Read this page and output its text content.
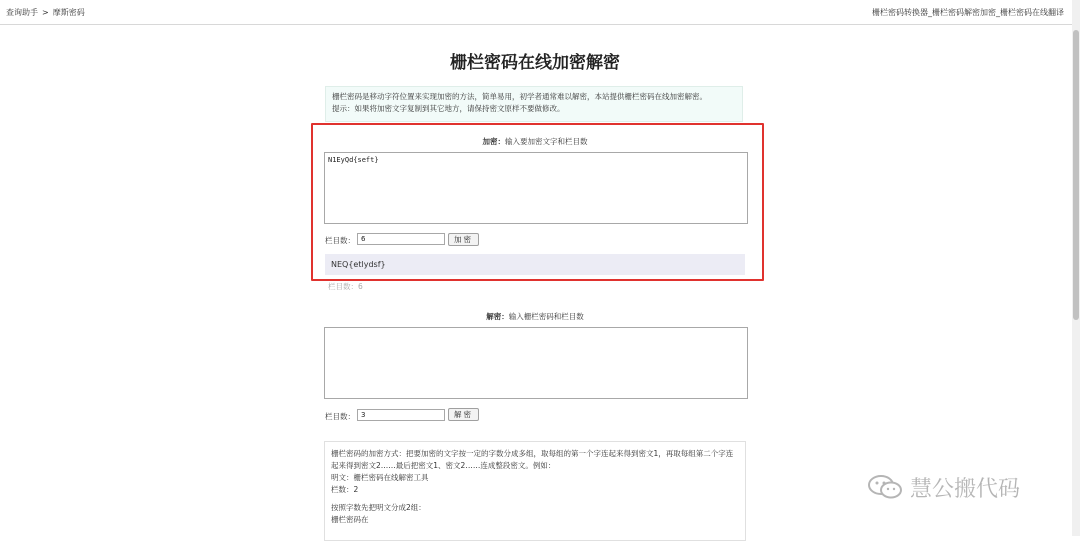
查询助手 > 摩斯密码	栅栏密码转换器_栅栏密码解密加密_栅栏密码在线翻译
栅栏密码在线加密解密
栅栏密码是移动字符位置来实现加密的方法，简单易用，初学者通常难以解密，本站提供栅栏密码在线加密解密。
提示：如果将加密文字复制到其它地方，请保持密文原样不要做修改。
加密：输入要加密文字和栏目数
N1EyQd{seft}
栏目数：
6	加密
NEQ{etlydsf}
栏目数：6
解密：输入栅栏密码和栏目数
栏目数：
3	解密

栅栏密码的加密方式：把要加密的文字按一定的字数分成多组，取每组的第一个字连起来得到密文1，再取每组第二个字连起来得到密文2……最后把密文1、密文2……连成整段密文。例如：

明文：栅栏密码在线解密工具

栏数：2

按照字数先把明文分成2组：

栅栏密码在

慧公搬代码
